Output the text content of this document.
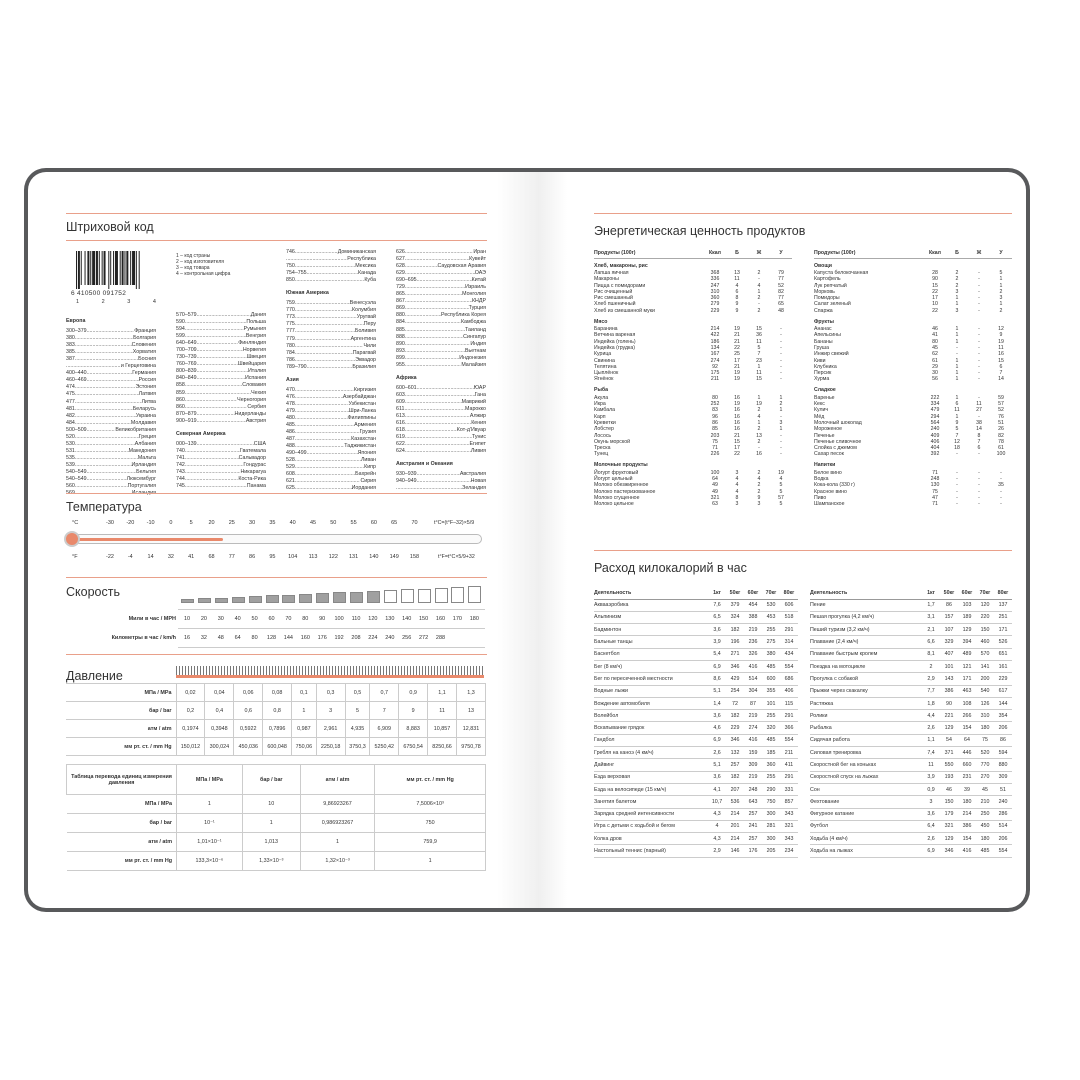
Штриховой код
6 410500 091752
1	2	3	4
1 – код страны
2 – код изготовителя
3 – код товара
4 – контрольная цифра
Европа
300–379 .....	Франция
380 .....	Болгария
383 .....	Словения
385 .....	Хорватия
387 .....	Босния
.....
и Герцеговина
400–440 .....	Германия
460–469 .....	Россия
474 .....	Эстония
475 .....	Латвия
477 .....	Литва
481 .....	Беларусь
482 .....	Украина
484 .....	Молдавия
500–509 .....	Великобритания
520 .....	Греция
530 .....	Албания
531 .....	Македония
535 .....	Мальта
539 .....	Ирландия
540–549 .....	Бельгия
540–549 .....	Люксембург
560 .....	Португалия
.....
570–579 .....	Дания
590 .....	Польша
594 .....	Румыния
599 .....	Венгрия
640–649 .....	Финляндия
700–709 .....	Норвегия
730–739 .....	Швеция
760–769 .....	Швейцария
800–839 .....	Италия
840–849 .....	Испания
858 .....	Словакия
859 .....	Чехия
860 .....	Черногория
860 .....	Сербия
870–879 .....	Нидерланды
900–919 .....	Австрия
Северная Америка
000–139 .....	США
740 .....	Гватемала
741 .....	Сальвадор
742 .....	Гондурас
743 .....	Никарагуа
744 .....	Коста-Рика
745 .....	Панама
746 .....	Доминиканская
.....
Республика
750 .....	Мексика
754–755 .....	Канада
850 .....	Куба
Южная Америка
759 .....	Венесуэла
770 .....	Колумбия
773 .....	Уругвай
775 .....	Перу
777 .....	Боливия
779 .....	Аргентина
780 .....	Чили
784 .....	Парагвай
786 .....	Эквадор
789–790 .....	Бразилия
Азия
470 .....	Киргизия
476 .....	Азербайджан
478 .....	Узбекистан
479 .....	Шри-Ланка
480 .....	Филиппины
485 .....	Армения
486 .....	Грузия
487 .....	Казахстан
488 .....	Таджикистан
490–499 .....	Япония
528 .....	Ливан
529 .....	Кипр
608 .....	Бахрейн
621 .....	Сирия
625 .....	Иордания
626 .....	Иран
627 .....	Кувейт
628 .....	Саудовская Аравия
629 .....	ОАЭ
690–695 .....	Китай
729 .....	Израиль
865 .....	Монголия
867 .....	КНДР
869 .....	Турция
880 .....	Республика Корея
884 .....	Камбоджа
885 .....	Таиланд
888 .....	Сингапур
890 .....	Индия
893 .....	Вьетнам
899 .....	Индонезия
955 .....	Малайзия
Африка
600–601 .....	ЮАР
603 .....	Гана
609 .....	Маврикий
611 .....	Марокко
613 .....	Алжир
616 .....	Кения
618 .....	Кот-д'Ивуар
619 .....	Тунис
622 .....	Египет
624 .....	Ливия
Австралия и Океания
930–939 .....	Австралия
940–949 .....	Новая
.....
Зеландия
Температура
°C
°F
t°C=(t°F–32)×5/9
t°F=t°C×5/9+32
Скорость
Мили в час / MPH
Километры в час / km/h
Давление
МПа / MPa	0,02	0,04	0,06	0,08	0,1	0,3	0,5	0,7	0,9	1,1	1,3
бар / bar	0,2	0,4	0,6	0,8	1	3	5	7	9	11	13
атм / atm	0,1974	0,3948	0,5922	0,7896	0,987	2,961	4,935	6,909	8,883	10,857	12,831
мм рт. ст. / mm Hg	150,012	300,024	450,036	600,048	750,06	2250,18	3750,3	5250,42	6750,54	8250,66	9750,78
Таблица перевода единиц измерения давления	МПа / MPa	бар / bar	атм / atm	мм рт. ст. / mm Hg
МПа / MPa	1	10	9,86923267	7,5006×10³
бар / bar	10⁻¹	1	0,986923267	750
атм / atm	1,01×10⁻¹	1,013	1	759,9
мм рт. ст. / mm Hg	133,3×10⁻⁶	1,33×10⁻³	1,32×10⁻³	1
-30	-20	-10	0	5	20	25	30	35	40	45	50	55	60	65	70
-22	-4	14	32	41	68	77	86	95	104 113 122 131 140 149 158
10	20	30	40	50	60	70	80	90	100	110	120	130	140	150	160	170	180
16	32	48	64	80	128	144	160	176	192	208	224	240	256	272	288
Энергетическая ценность продуктов
Продукты (100г)	Ккал	Б	Ж	У
Хлеб, макароны, рис				
Лапша яичная	368	13	2	79
Макароны	336	11	-	77
Пицца с помидорами	247	4	4	52
Рис очищенный	310	6	1	82
Рис смешанный	360	8	2	77
Хлеб пшеничный	279	9	-	65
Хлеб из смешанной муки	229	9	2	48
Мясо				
Баранина	214	19	15	-
Ветчина вареная	422	21	36	-
Индейка (голень)	186	21	11	-
Индейка (грудка)	134	22	5	-
Курица	167	25	7	-
Свинина	274	17	23	-
Телятина	92	21	1	-
Цыплёнок	175	19	11	-
Ягнёнок	211	19	15	-
Рыба				
Акула	80	16	1	1
Икра	252	19	19	2
Камбала	83	16	2	1
Карп	96	16	4	-
Креветки	86	16	1	3
Лобстер	85	16	2	1
Лосось	203	21	13	-
Окунь морской	75	15	2	-
Треска	71	17	-	-
Тунец	226	22	16	-
Молочные продукты				
Йогурт фруктовый	100	3	2	19
Йогурт цельный	64	4	4	4
Молоко обезжиренное	49	4	2	5
Молоко пастеризованное	49	4	2	5
Молоко сгущенное	321	8	9	57
Молоко цельное	63	3	3	5
Продукты (100г)	Ккал	Б	Ж	У
Овощи				
Капуста белокочанная	28	2	-	5
Картофель	90	2	-	1
Лук репчатый	15	2	-	1
Морковь	22	3	-	2
Помидоры	17	1	-	3
Салат зеленый	10	1	-	1
Спаржа	22	3	-	2
Фрукты				
Ананас	46	1	-	12
Апельсины	41	1	-	9
Бананы	80	1	-	19
Груша	45	-	-	11
Инжир свежий	62	-	-	16
Киви	61	1	-	15
Клубника	29	1	-	6
Персик	30	1	-	7
Хурма	56	1	-	14
Сладкое				
Варенье	222	1	-	59
Кекс	334	6	11	57
Кулич	479	11	27	52
Мёд	294	1	-	76
Молочный шоколад	564	9	38	51
Мороженое	240	5	14	26
Печенье	409	7	8	82
Печенье сливочное	406	12	7	78
Слойка с джемом	404	18	6	61
Сахар песок	392	-	-	100
Напитки				
Белое вино	71	-	-	-
Водка	248	-	-	-
Кока-кола (330 г)	130	-	-	35
Красное вино	75	-	-	-
Пиво	47	-	-	-
Шампанское	71	-	-	-
Расход килокалорий в час
Деятельность	1кг	50кг	60кг	70кг	80кг
Аквааэробика	7,6	379	454	530	606
Альпинизм	6,5	324	388	453	518
Бадминтон	3,6	182	219	255	291
Бальные танцы	3,9	196	236	275	314
Баскетбол	5,4	271	326	380	434
Бег (8 км/ч)	6,9	346	416	485	554
Бег по пересеченной местности	8,6	429	514	600	686
Водные лыжи	5,1	254	304	355	406
Вождение автомобиля	1,4	72	87	101	115
Волейбол	3,6	182	219	255	291
Вскапывание грядок	4,6	229	274	320	366
Гандбол	6,9	346	416	485	554
Гребля на каноэ (4 км/ч)	2,6	132	159	185	211
Дайвинг	5,1	257	309	360	411
Езда верховая	3,6	182	219	255	291
Езда на велосипеде (15 км/ч)	4,1	207	248	290	331
Занятия балетом	10,7	536	643	750	857
Зарядка средней интенсивности	4,3	214	257	300	343
Игра с детьми с ходьбой и бегом	4	201	241	281	321
Колка дров	4,3	214	257	300	343
Настольный теннис (парный)	2,9	146	176	205	234
Деятельность	1кг	50кг	60кг	70кг	80кг
Пение	1,7	86	103	120	137
Пешая прогулка (4,2 км/ч)	3,1	157	189	220	251
Пеший туризм (3,2 км/ч)	2,1	107	129	150	171
Плавание (2,4 км/ч)	6,6	329	394	460	526
Плавание быстрым кролем	8,1	407	489	570	651
Поездка на мотоцикле	2	101	121	141	161
Прогулка с собакой	2,9	143	171	200	229
Прыжки через скакалку	7,7	386	463	540	617
Растяжка	1,8	90	108	126	144
Ролики	4,4	221	266	310	354
Рыбалка	2,6	129	154	180	206
Сидячая работа	1,1	54	64	75	86
Силовая тренировка	7,4	371	446	520	594
Скоростной бег на коньках	11	550	660	770	880
Скоростной спуск на лыжах	3,9	193	231	270	309
Сон	0,9	46	39	45	51
Фехтование	3	150	180	210	240
Фигурное катание	3,6	179	214	250	286
Футбол	6,4	321	386	450	514
Ходьба (4 км/ч)	2,6	129	154	180	206
Ходьба на лыжах	6,9	346	416	485	554
